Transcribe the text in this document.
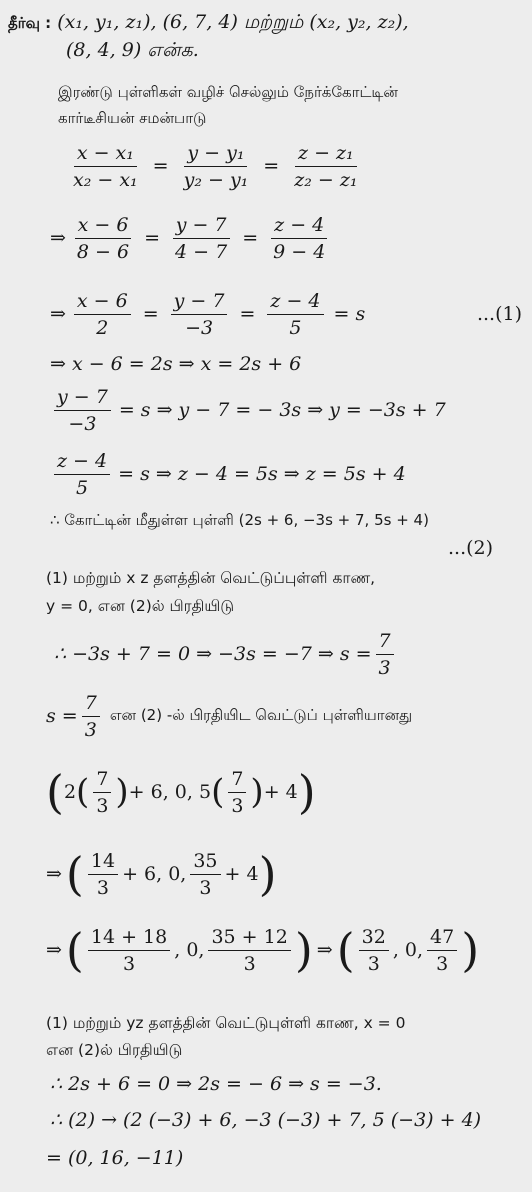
தீர்வு : (x₁, y₁, z₁), (6, 7, 4) மற்றும் (x₂, y₂, z₂),
(8, 4, 9) என்க.
இரண்டு புள்ளிகள் வழிச் செல்லும் நேர்க்கோட்டின்
கார்டீசியன் சமன்பாடு
$\frac{\text{x − x₁}}{\text{x₂ − x₁}} = \frac{\text{y − y₁}}{\text{y₂ − y₁}} = \frac{\text{z − z₁}}{\text{z₂ − z₁}}$
⇒ $\frac{x - 6}{8 - 6} = \frac{y - 7}{4 - 7} = \frac{z - 4}{9 - 4}$
⇒ $\frac{x - 6}{2} = \frac{y - 7}{-3} = \frac{z - 4}{5} = s$	...(1)
⇒ x − 6 = 2s ⇒ x = 2s + 6
$\frac{y - 7}{-3} = s$ ⇒ y − 7 = − 3s ⇒ y = −3s + 7
$\frac{z - 4}{5} = s$ ⇒ z − 4 = 5s ⇒ z = 5s + 4
∴ கோட்டின் மீதுள்ள புள்ளி (2s + 6, −3s + 7, 5s + 4)
...(2)
(1) மற்றும் x z தளத்தின் வெட்டுப்புள்ளி காண,
y = 0, என (2)ல் பிரதியிடு
∴ −3s + 7 = 0 ⇒ −3s = −7 ⇒ $s = \frac{7}{3}$
$s = \frac{7}{3}$ என (2) -ல் பிரதியிட வெட்டுப் புள்ளியானது
( 2 ( $\frac{7}{3}$ ) + 6, 0, 5 ( $\frac{7}{3}$ ) + 4 )
⇒ ( $\frac{14}{3} + 6$, 0, $\frac{35}{3} + 4$ )
⇒ ( $\frac{14 + 18}{3}$ , 0, $\frac{35 + 12}{3}$ ) ⇒ ( $\frac{32}{3}$ , 0, $\frac{47}{3}$ )
(1) மற்றும் yz தளத்தின் வெட்டுபுள்ளி காண, x = 0
என (2)ல் பிரதியிடு
∴ 2s + 6 = 0 ⇒ 2s = − 6 ⇒ s = −3.
∴ (2) → (2 (−3) + 6, −3 (−3) + 7, 5 (−3) + 4)
= (0, 16, −11)
